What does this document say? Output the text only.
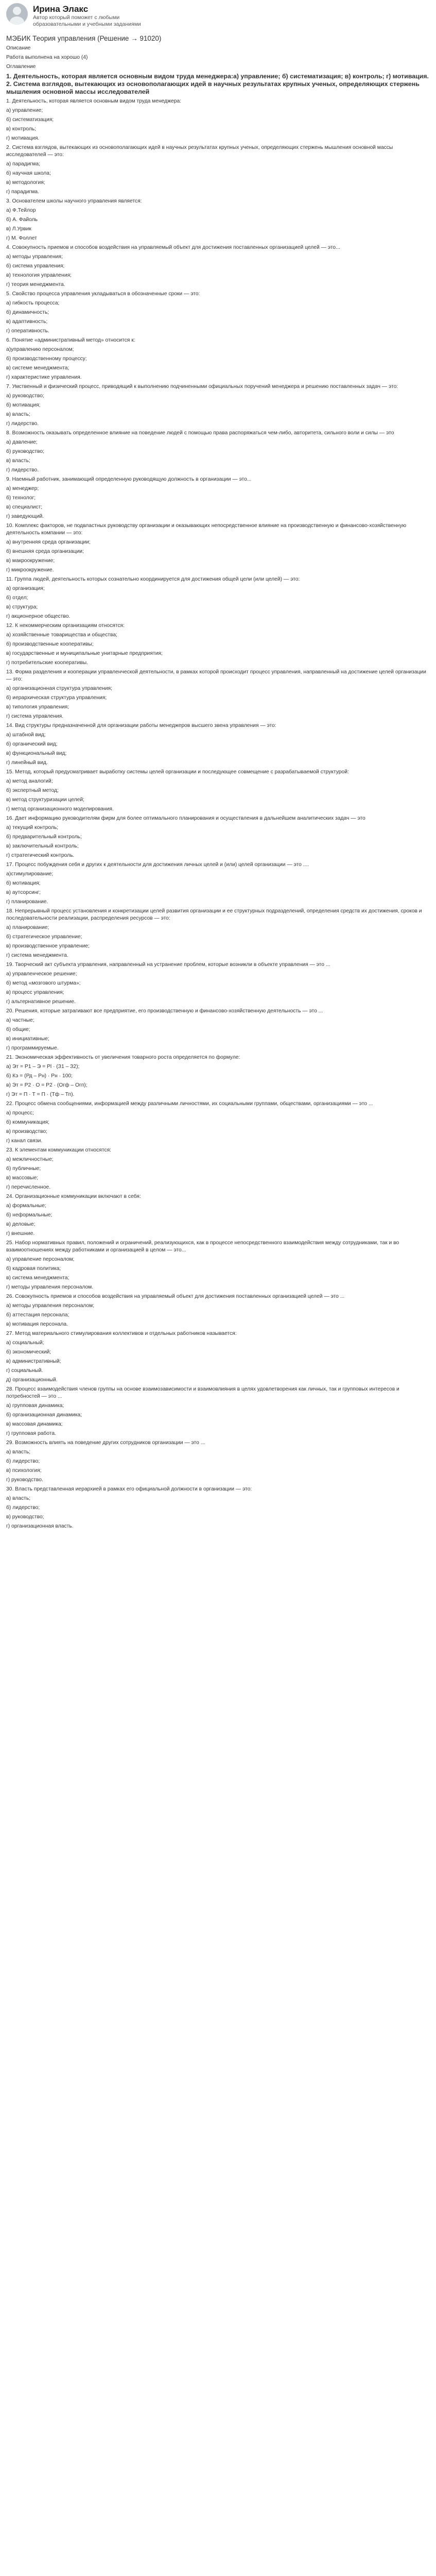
Ирина Элакс
Автор который поможет с любыми образовательными и учебными заданиями
МЭБИК Теория управления (Решение → 91020)
Описание
Работа выполнена на хорошо (4)
Оглавление
1. Деятельность, которая является основным видом труда менеджера:а) управление; б) систематизация; в) контроль; г) мотивация. 2. Система взглядов, вытекающих из основополагающих идей в научных результатах крупных ученых, определяющих стержень мышления основной массы исследователей
1. Деятельность, которая является основным видом труда менеджера:
а) управление;
б) систематизация;
в) контроль;
г) мотивация.
2. Система взглядов, вытекающих из основополагающих идей в научных результатах крупных ученых, определяющих стержень мышления основной массы исследователей — это:
а) парадигма;
б) научная школа;
в) методология;
г) парадигма.
3. Основателем школы научного управления является:
а) Ф.Тейлор
б) А. Файоль
в) Л.Урвик
г) М. Фоллет
4. Совокупность приемов и способов воздействия на управляемый объект для достижения поставленных организацией целей — это...
а) методы управления;
б) система управления;
в) технология управления;
г) теория менеджмента.
5. Свойство процесса управления укладываться в обозначенные сроки — это:
а) гибкость процесса;
б) динамичность;
в) адаптивность;
г) оперативность.
6. Понятие «административный метод» относится к:
а)управлению персоналом;
б) производственному процессу;
в) системе менеджмента;
г) характеристике управления.
7. Умственный и физический процесс, приводящий к выполнению подчиненными официальных поручений менеджера и решению поставленных задач — это:
а) руководство;
б) мотивация;
в) власть;
г) лидерство.
8. Возможность оказывать определенное влияние на поведение людей с помощью права распоряжаться чем-либо, авторитета, сильного воли и силы — это
а) давление;
б) руководство;
в) власть;
г) лидерство.
9. Наемный работник, занимающий определенную руководящую должность в организации — это...
а) менеджер;
б) технолог;
в) специалист;
г) заведующий.
10. Комплекс факторов, не подвластных руководству организации и оказывающих непосредственное влияние на производственную и финансово-хозяйственную деятельность компании — это:
а) внутренняя среда организации;
б) внешняя среда организации;
в) макроокружение;
г) микроокружение.
11. Группа людей, деятельность которых сознательно координируется для достижения общей цели (или целей) — это:
а) организация;
б) отдел;
в) структура;
г) акционерное общество.
12. К некоммерческим организациям относятся:
а) хозяйственные товарищества и общества;
б) производственные кооперативы;
в) государственные и муниципальные унитарные предприятия;
г) потребительские кооперативы.
13. Форма разделения и кооперации управленческой деятельности, в рамках которой происходит процесс управления, направленный на достижение целей организации — это:
а) организационная структура управления;
б) иерархическая структура управления;
в) типология управления;
г) система управления.
14. Вид структуры предназначенной для организации работы менеджеров высшего звена управления — это:
а) штабной вид;
б) органический вид;
в) функциональный вид;
г) линейный вид.
15. Метод, который предусматривает выработку системы целей организации и последующее совмещение с разрабатываемой структурой:
а) метод аналогий;
б) экспертный метод;
в) метод структуризации целей;
г) метод организационного моделирования.
16. Дает информацию руководителям фирм для более оптимального планирования и осуществления в дальнейшем аналитических задач — это
а) текущий контроль;
б) предварительный контроль;
в) заключительный контроль;
г) стратегический контроль.
17. Процесс побуждения себя и других к деятельности для достижения личных целей и (или) целей организации — это ....
а)стимулирование;
б) мотивация;
в) аутсорсинг;
г) планирование.
18. Непрерывный процесс установления и конкретизации целей развития организации и ее структурных подразделений, определения средств их достижения, сроков и последовательности реализации, распределения ресурсов — это:
а) планирование;
б) стратегическое управление;
в) производственное управление;
г) система менеджмента.
19. Творческий акт субъекта управления, направленный на устранение проблем, которые возникли в объекте управления — это ...
а) управленческое решение;
б) метод «мозгового штурма»;
в) процесс управления;
г) альтернативное решение.
20. Решения, которые затрагивают все предприятие, его производственную и финансово-хозяйственную деятельность — это ...
а) частные;
б) общие;
в) инициативные;
г) программируемые.
21. Экономическая эффективность от увеличения товарного роста определяется по формуле:
а) Эт = Р1 – Э = Рl · (З1 – З2);
б) Кэ = (Рд – Рн) · Рн · 100;
в) Эт = Р2 · О = Р2 · (Огф – Огп);
г) Эт = П · Т = П · (Тф – Тп).
22. Процесс обмена сообщениями, информацией между различными личностями, их социальными группами, обществами, организациями — это ...
а) процесс;
б) коммуникация;
в) производство;
г) канал связи.
23. К элементам коммуникации относятся:
а) межличностные;
б) публичные;
в) массовые;
г) перечисленное.
24. Организационные коммуникации включают в себя:
а) формальные;
б) неформальные;
в) деловые;
г) внешние.
25. Набор нормативных правил, положений и ограничений, реализующихся, как в процессе непосредственного взаимодействия между сотрудниками, так и во взаимоотношениях между работниками и организацией в целом — это...
а) управление персоналом;
б) кадровая политика;
в) система менеджмента;
г) методы управления персоналом.
26. Совокупность приемов и способов воздействия на управляемый объект для достижения поставленных организацией целей — это ...
а) методы управления персоналом;
б) аттестация персонала;
в) мотивация персонала.
27. Метод материального стимулирования коллективов и отдельных работников называется:
а) социальный;
б) экономический;
в) административный;
г) социальный.
д) организационный.
28. Процесс взаимодействия членов группы на основе взаимозависимости и взаимовлияния в целях удовлетворения как личных, так и групповых интересов и потребностей — это ...
а) групповая динамика;
б) организационная динамика;
в) массовая динамика;
г) групповая работа.
29. Возможность влиять на поведение других сотрудников организации — это ...
а) власть;
б) лидерство;
в) психология;
г) руководство.
30. Власть представленная иерархией в рамках его официальной должности в организации — это:
а) власть;
б) лидерство;
в) руководство;
г) организационная власть.
